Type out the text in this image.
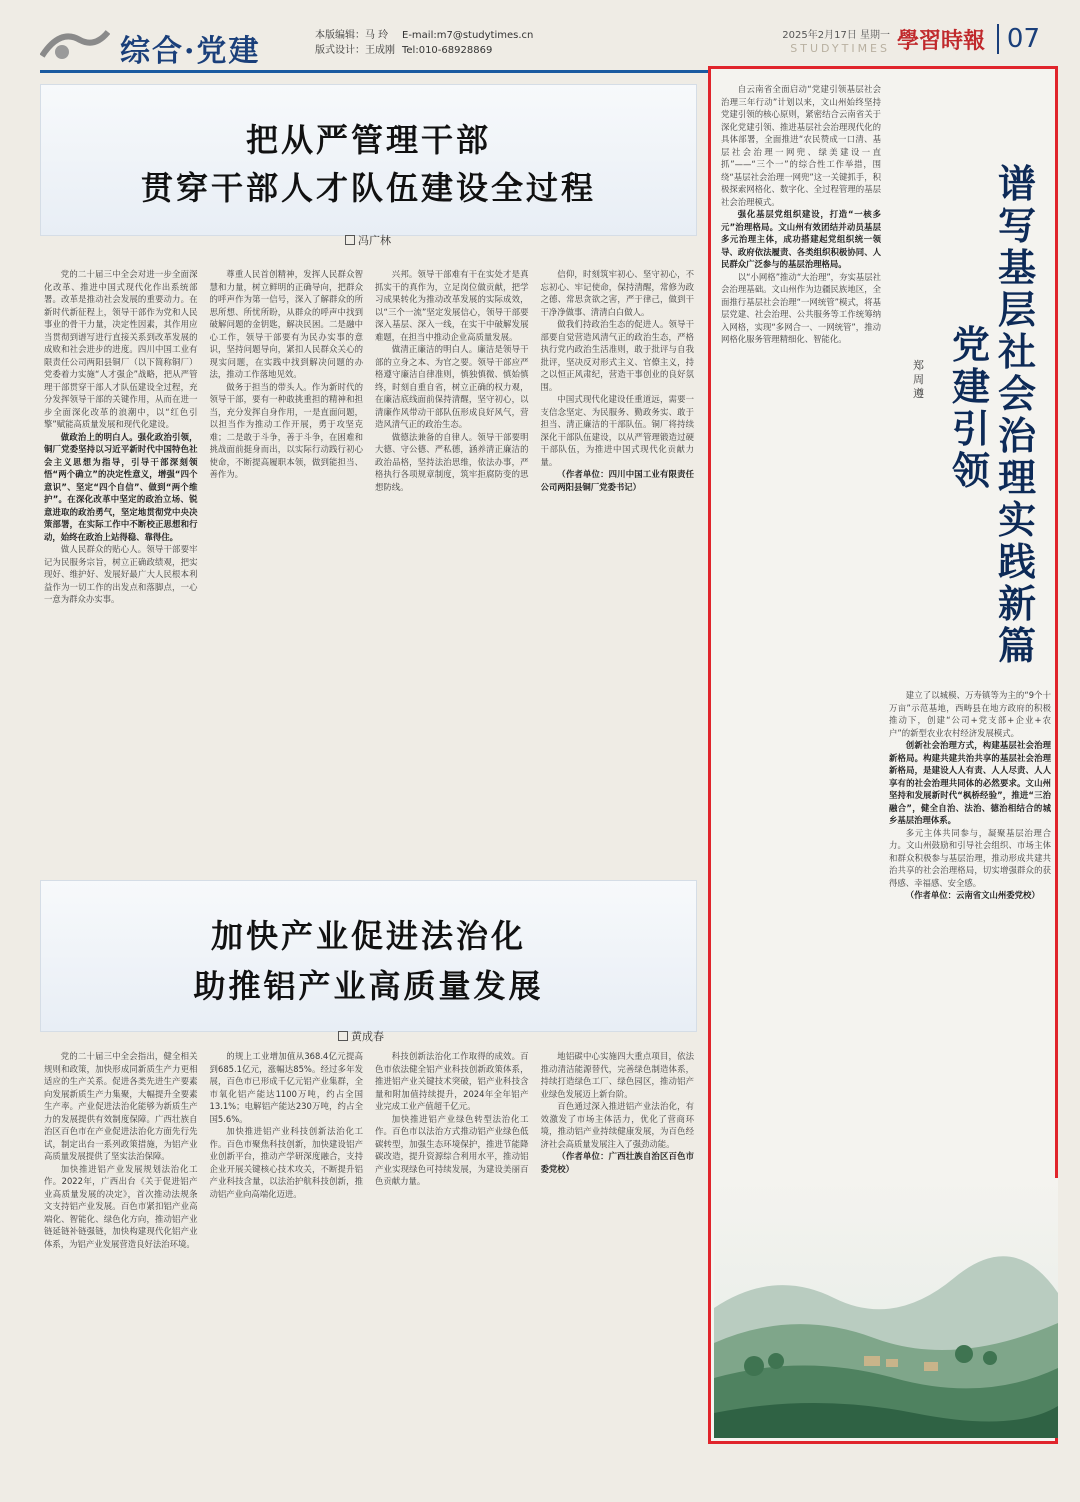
综合·党建	本版编辑：马 玲
版式设计：王成刚
E-mail:m7@studytimes.cn
Tel:010-68928869
2025年2月17日 星期一
STUDYTIMES 學習時報 07
把从严管理干部
贯穿干部人才队伍建设全过程
冯广林

党的二十届三中全会对进一步全面深化改革、推进中国式现代化作出系统部署。改革是推动社会发展的重要动力。在新时代新征程上，领导干部作为党和人民事业的骨干力量，决定性因素，其作用应当贯彻到谱写进行直接关系到改革发展的成败和社会进步的进度。四川中国工业有限责任公司两阳县铜厂（以下简称铜厂）党委着力实施“人才强企”战略，把从严管理干部贯穿干部人才队伍建设全过程，充分发挥领导干部的关键作用，从而在进一步全面深化改革的浪潮中，以“红色引擎”赋能高质量发展和现代化建设。

做政治上的明白人。强化政治引领，铜厂党委坚持以习近平新时代中国特色社会主义思想为指导，引导干部深刻领悟“两个确立”的决定性意义，增强“四个意识”、坚定“四个自信”、做到“两个维护”。在深化改革中坚定的政治立场、锐意进取的政治勇气，坚定地贯彻党中央决策部署，在实际工作中不断校正思想和行动，始终在政治上站得稳、靠得住。

做人民群众的贴心人。领导干部要牢记为民服务宗旨，树立正确政绩观，把实现好、维护好、发展好最广大人民根本利益作为一切工作的出发点和落脚点，一心一意为群众办实事。

尊重人民首创精神，发挥人民群众智慧和力量，树立鲜明的正确导向，把群众的呼声作为第一信号，深入了解群众的所思所想、所忧所盼，从群众的呼声中找到破解问题的金钥匙，解决民困。二是融中心工作，领导干部要有为民办实事的意识，坚持问题导向，紧扣人民群众关心的现实问题，在实践中找到解决问题的办法，推动工作落地见效。

做务于担当的带头人。作为新时代的领导干部，要有一种敢挑重担的精神和担当，充分发挥自身作用，一是直面问题，以担当作为推动工作开展，勇于攻坚克难；二是敢于斗争，善于斗争，在困难和挑战面前挺身而出，以实际行动践行初心使命，不断提高履职本领，做到能担当、善作为。

兴邦。领导干部难有干在实处才是真抓实干的真作为，立足岗位做贡献，把学习成果转化为推动改革发展的实际成效，以“三个一流”坚定发展信心，领导干部要深入基层、深入一线，在实干中破解发展难题，在担当中推动企业高质量发展。

做清正廉洁的明白人。廉洁是领导干部的立身之本、为官之要。领导干部应严格遵守廉洁自律准则，慎独慎微、慎始慎终，时刻自重自省，树立正确的权力观，在廉洁底线面前保持清醒，坚守初心，以清廉作风带动干部队伍形成良好风气，营造风清气正的政治生态。

做德法兼备的自律人。领导干部要明大德、守公德、严私德，涵养清正廉洁的政治品格，坚持法治思维，依法办事，严格执行各项规章制度，筑牢拒腐防变的思想防线。

信仰，时刻筑牢初心、坚守初心，不忘初心、牢记使命，保持清醒，常修为政之德、常思贪欲之害，严于律己，做到干干净净做事、清清白白做人。

做我们持政治生态的促进人。领导干部要自觉营造风清气正的政治生态，严格执行党内政治生活准则，敢于批评与自我批评，坚决反对形式主义、官僚主义，持之以恒正风肃纪，营造干事创业的良好氛围。

中国式现代化建设任重道远，需要一支信念坚定、为民服务、勤政务实、敢于担当、清正廉洁的干部队伍。铜厂将持续深化干部队伍建设，以从严管理锻造过硬干部队伍，为推进中国式现代化贡献力量。

（作者单位：四川中国工业有限责任公司两阳县铜厂党委书记）

加快产业促进法治化
助推铝产业高质量发展
黄成春

党的二十届三中全会指出，健全相关规则和政策，加快形成同新质生产力更相适应的生产关系。促进各类先进生产要素向发展新质生产力集聚，大幅提升全要素生产率。产业促进法治化能够为新质生产力的发展提供有效制度保障。广西壮族自治区百色市在产业促进法治化方面先行先试，制定出台一系列政策措施，为铝产业高质量发展提供了坚实法治保障。

加快推进铝产业发展规划法治化工作。2022年，广西出台《关于促进铝产业高质量发展的决定》，首次推动法规条文支持铝产业发展。百色市紧扣铝产业高端化、智能化、绿色化方向，推动铝产业链延链补链强链，加快构建现代化铝产业体系，为铝产业发展营造良好法治环境。

的规上工业增加值从368.4亿元提高到685.1亿元，涨幅达85%。经过多年发展，百色市已形成千亿元铝产业集群，全市氧化铝产能达1100万吨，约占全国13.1%；电解铝产能达230万吨，约占全国5.6%。

加快推进铝产业科技创新法治化工作。百色市聚焦科技创新，加快建设铝产业创新平台，推动产学研深度融合，支持企业开展关键核心技术攻关，不断提升铝产业科技含量，以法治护航科技创新，推动铝产业向高端化迈进。

科技创新法治化工作取得的成效。百色市依法健全铝产业科技创新政策体系，推进铝产业关键技术突破，铝产业科技含量和附加值持续提升，2024年全年铝产业完成工业产值超千亿元。

加快推进铝产业绿色转型法治化工作。百色市以法治方式推动铝产业绿色低碳转型，加强生态环境保护，推进节能降碳改造，提升资源综合利用水平，推动铝产业实现绿色可持续发展，为建设美丽百色贡献力量。

地铝碳中心实施四大重点项目，依法推动清洁能源替代，完善绿色制造体系，持续打造绿色工厂、绿色园区，推动铝产业绿色发展迈上新台阶。

百色通过深入推进铝产业法治化，有效激发了市场主体活力，优化了营商环境，推动铝产业持续健康发展，为百色经济社会高质量发展注入了强劲动能。

（作者单位：广西壮族自治区百色市委党校）

自云南省全面启动“党建引领基层社会治理三年行动”计划以来，文山州始终坚持党建引领的核心原则，紧密结合云南省关于深化党建引领、推进基层社会治理现代化的具体部署，全面推进“农民赞成一口清、基层社会治理一网兜、绿美建设一直抓”——“三个一”的综合性工作举措，围绕“基层社会治理一网兜”这一关键抓手，积极探索网格化、数字化、全过程管理的基层社会治理模式。

强化基层党组织建设，打造“一核多元”治理格局。文山州有效团结并动员基层多元治理主体，成功搭建起党组织统一领导、政府依法履责、各类组织积极协同、人民群众广泛参与的基层治理格局。

以“小网格”推动“大治理”，夯实基层社会治理基础。文山州作为边疆民族地区，全面推行基层社会治理“一网统管”模式，将基层党建、社会治理、公共服务等工作统筹纳入网格，实现“多网合一、一网统管”，推动网格化服务管理精细化、智能化。

谱写基层社会治理实践新篇
党建引领
郑周遵

建立了以城模、万寿镇等为主的“9个十万亩”示范基地，西畴县在地方政府的积极推动下，创建“公司+党支部+企业+农户”的新型农业农村经济发展模式。

创新社会治理方式，构建基层社会治理新格局。构建共建共治共享的基层社会治理新格局，是建设人人有责、人人尽责、人人享有的社会治理共同体的必然要求。文山州坚持和发展新时代“枫桥经验”，推进“三治融合”，健全自治、法治、德治相结合的城乡基层治理体系。

多元主体共同参与，凝聚基层治理合力。文山州鼓励和引导社会组织、市场主体和群众积极参与基层治理，推动形成共建共治共享的社会治理格局，切实增强群众的获得感、幸福感、安全感。

（作者单位：云南省文山州委党校）
